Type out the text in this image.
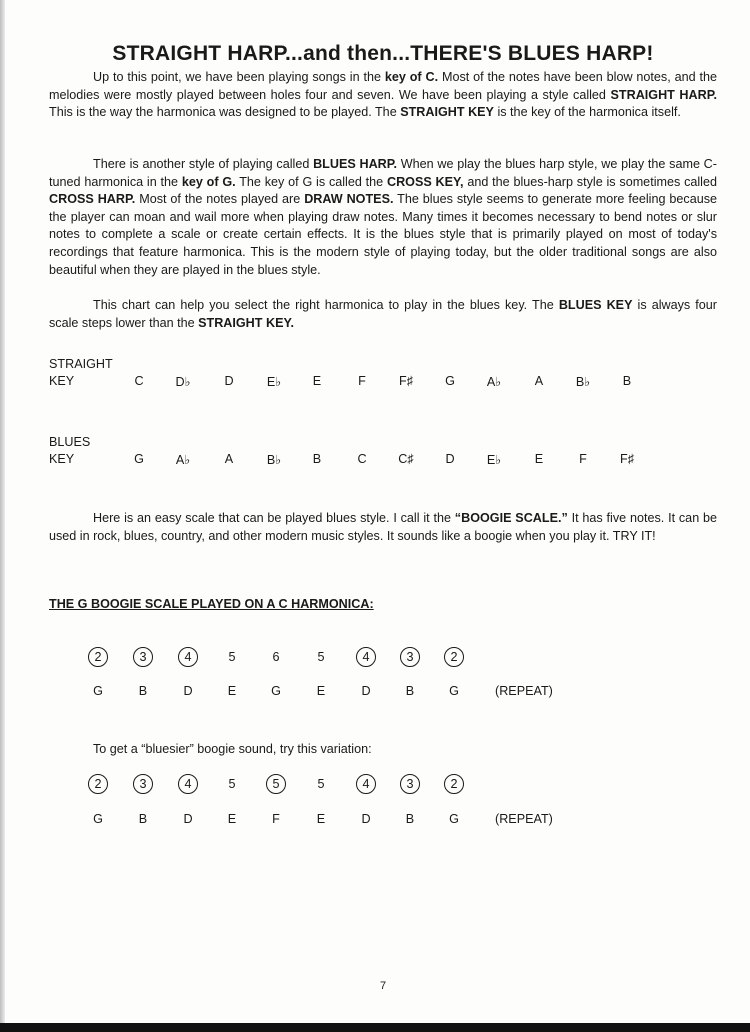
STRAIGHT HARP...and then...THERE'S BLUES HARP!

Up to this point, we have been playing songs in the key of C. Most of the notes have been blow notes, and the melodies were mostly played between holes four and seven. We have been playing a style called STRAIGHT HARP. This is the way the harmonica was designed to be played. The STRAIGHT KEY is the key of the harmonica itself.

There is another style of playing called BLUES HARP. When we play the blues harp style, we play the same C-tuned harmonica in the key of G. The key of G is called the CROSS KEY, and the blues-harp style is sometimes called CROSS HARP. Most of the notes played are DRAW NOTES. The blues style seems to generate more feeling because the player can moan and wail more when playing draw notes. Many times it becomes necessary to bend notes or slur notes to complete a scale or create certain effects. It is the blues style that is primarily played on most of today's recordings that feature harmonica. This is the modern style of playing today, but the older traditional songs are also beautiful when they are played in the blues style.

This chart can help you select the right harmonica to play in the blues key. The BLUES KEY is always four scale steps lower than the STRAIGHT KEY.

STRAIGHT
KEY	C	D♭	D	E♭	E	F	F♯	G	A♭	A	B♭	B
BLUES
KEY	G	A♭	A	B♭	B	C	C♯	D	E♭	E	F	F♯

Here is an easy scale that can be played blues style. I call it the “BOOGIE SCALE.” It has five notes. It can be used in rock, blues, country, and other modern music styles. It sounds like a boogie when you play it. TRY IT!

THE G BOOGIE SCALE PLAYED ON A C HARMONICA:
2	3	4	5	6	5	4	3	2
(REPEAT)
G	B	D	E	G	E	D	B	G

To get a “bluesier” boogie sound, try this variation:

2	3	4	5	5	5	4	3	2
(REPEAT)
G	B	D	E	F	E	D	B	G
7
